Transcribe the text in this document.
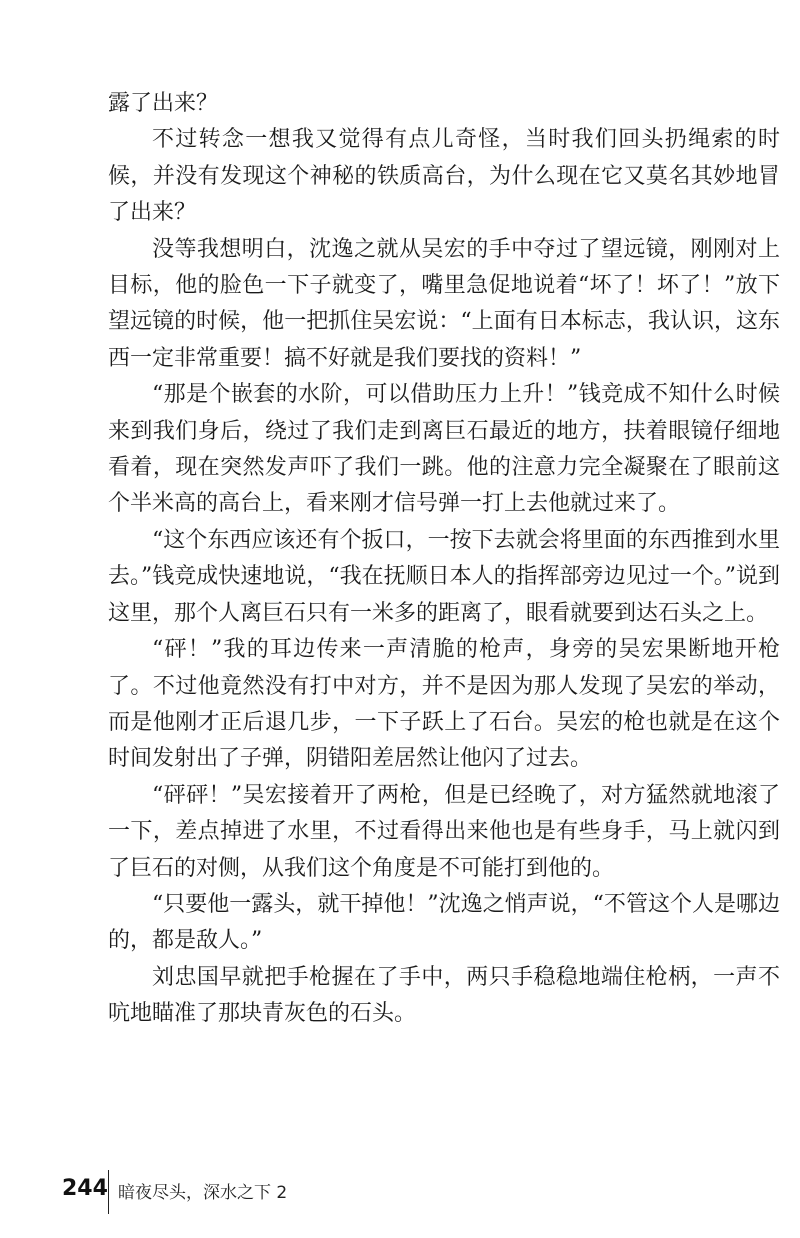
露了出来？

不过转念一想我又觉得有点儿奇怪，当时我们回头扔绳索的时候，并没有发现这个神秘的铁质高台，为什么现在它又莫名其妙地冒了出来？

没等我想明白，沈逸之就从吴宏的手中夺过了望远镜，刚刚对上目标，他的脸色一下子就变了，嘴里急促地说着“坏了！坏了！”放下望远镜的时候，他一把抓住吴宏说：“上面有日本标志，我认识，这东西一定非常重要！搞不好就是我们要找的资料！”

“那是个嵌套的水阶，可以借助压力上升！”钱竞成不知什么时候来到我们身后，绕过了我们走到离巨石最近的地方，扶着眼镜仔细地看着，现在突然发声吓了我们一跳。他的注意力完全凝聚在了眼前这个半米高的高台上，看来刚才信号弹一打上去他就过来了。

“这个东西应该还有个扳口，一按下去就会将里面的东西推到水里去。”钱竞成快速地说，“我在抚顺日本人的指挥部旁边见过一个。”说到这里，那个人离巨石只有一米多的距离了，眼看就要到达石头之上。

“砰！”我的耳边传来一声清脆的枪声，身旁的吴宏果断地开枪了。不过他竟然没有打中对方，并不是因为那人发现了吴宏的举动，而是他刚才正后退几步，一下子跃上了石台。吴宏的枪也就是在这个时间发射出了子弹，阴错阳差居然让他闪了过去。

“砰砰！”吴宏接着开了两枪，但是已经晚了，对方猛然就地滚了一下，差点掉进了水里，不过看得出来他也是有些身手，马上就闪到了巨石的对侧，从我们这个角度是不可能打到他的。

“只要他一露头，就干掉他！”沈逸之悄声说，“不管这个人是哪边的，都是敌人。”

刘忠国早就把手枪握在了手中，两只手稳稳地端住枪柄，一声不吭地瞄准了那块青灰色的石头。

244 暗夜尽头，深水之下 2
